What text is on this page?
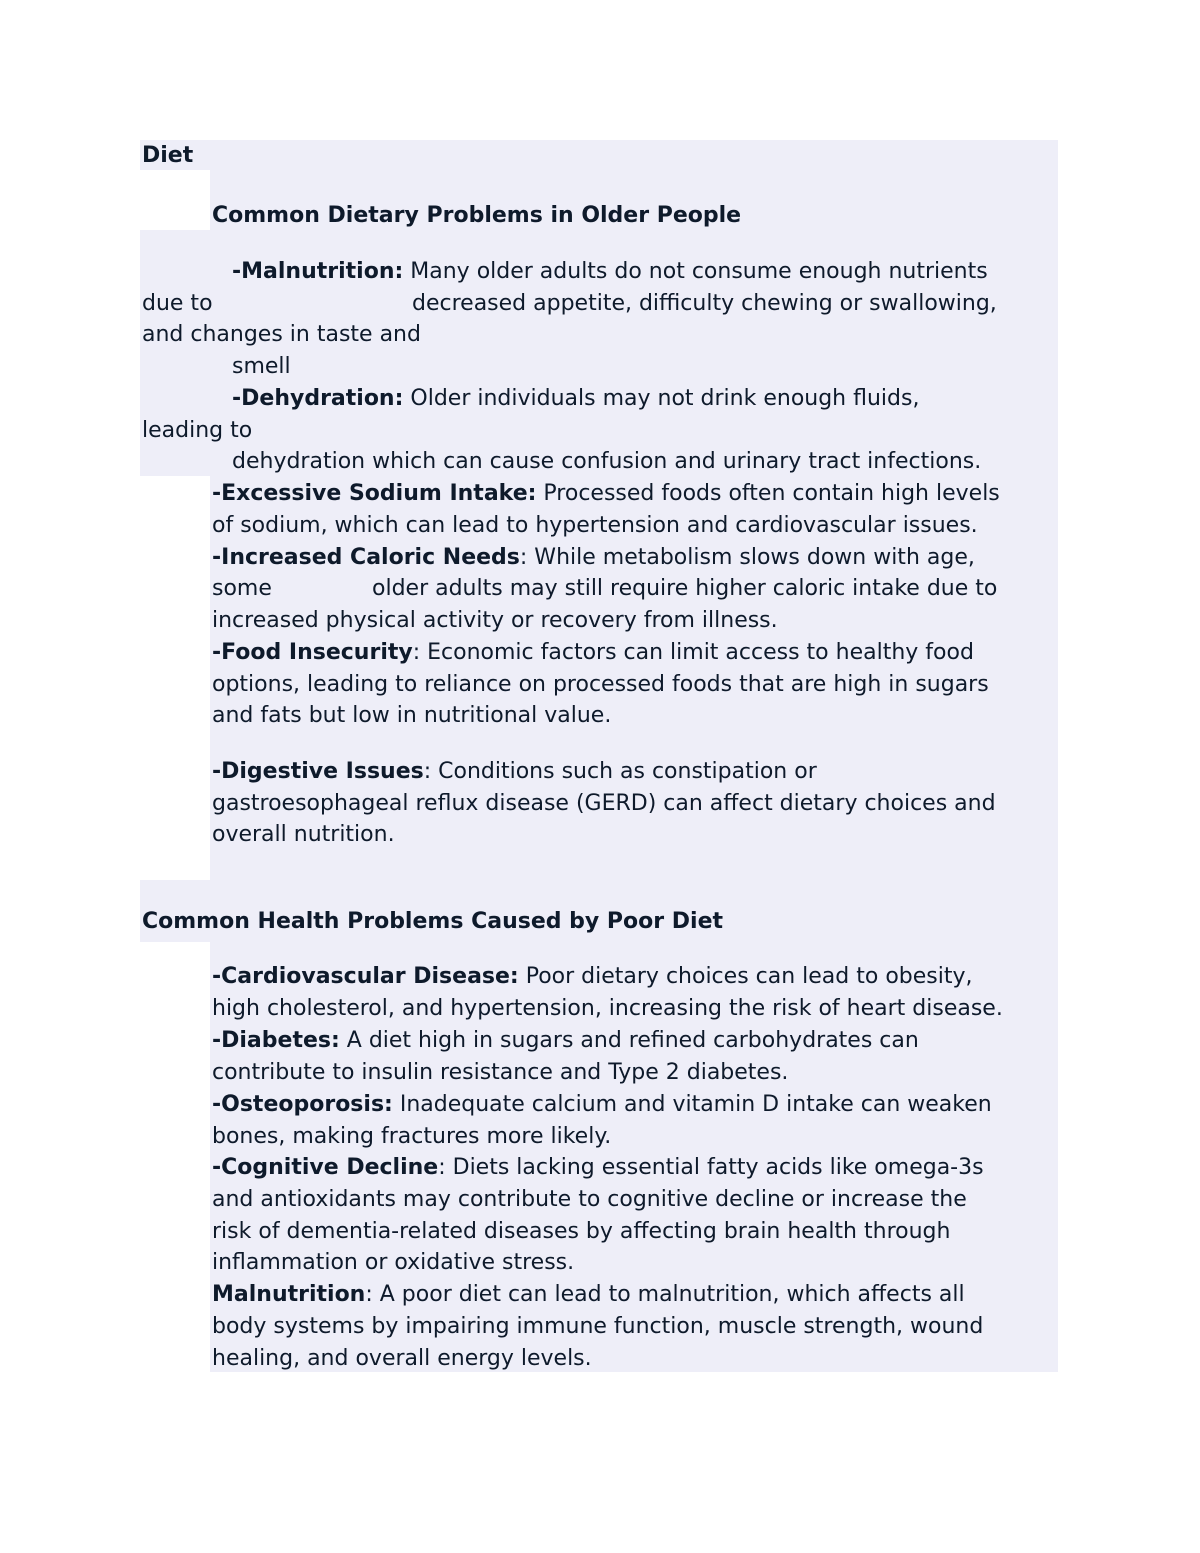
Diet
Common Dietary Problems in Older People
-Malnutrition: Many older adults do not consume enough nutrients
due to	decreased appetite, difficulty chewing or swallowing,
and changes in taste and
smell
-Dehydration: Older individuals may not drink enough fluids,
leading to
dehydration which can cause confusion and urinary tract infections.
-Excessive Sodium Intake: Processed foods often contain high levels
of sodium, which can lead to hypertension and cardiovascular issues.
-Increased Caloric Needs: While metabolism slows down with age,
some	older adults may still require higher caloric intake due to
increased physical activity or recovery from illness.
-Food Insecurity: Economic factors can limit access to healthy food
options, leading to reliance on processed foods that are high in sugars
and fats but low in nutritional value.
-Digestive Issues: Conditions such as constipation or
gastroesophageal reflux disease (GERD) can affect dietary choices and
overall nutrition.
Common Health Problems Caused by Poor Diet
-Cardiovascular Disease: Poor dietary choices can lead to obesity,
high cholesterol, and hypertension, increasing the risk of heart disease.
-Diabetes: A diet high in sugars and refined carbohydrates can
contribute to insulin resistance and Type 2 diabetes.
-Osteoporosis: Inadequate calcium and vitamin D intake can weaken
bones, making fractures more likely.
-Cognitive Decline: Diets lacking essential fatty acids like omega-3s
and antioxidants may contribute to cognitive decline or increase the
risk of dementia-related diseases by affecting brain health through
inflammation or oxidative stress.
Malnutrition: A poor diet can lead to malnutrition, which affects all
body systems by impairing immune function, muscle strength, wound
healing, and overall energy levels.
